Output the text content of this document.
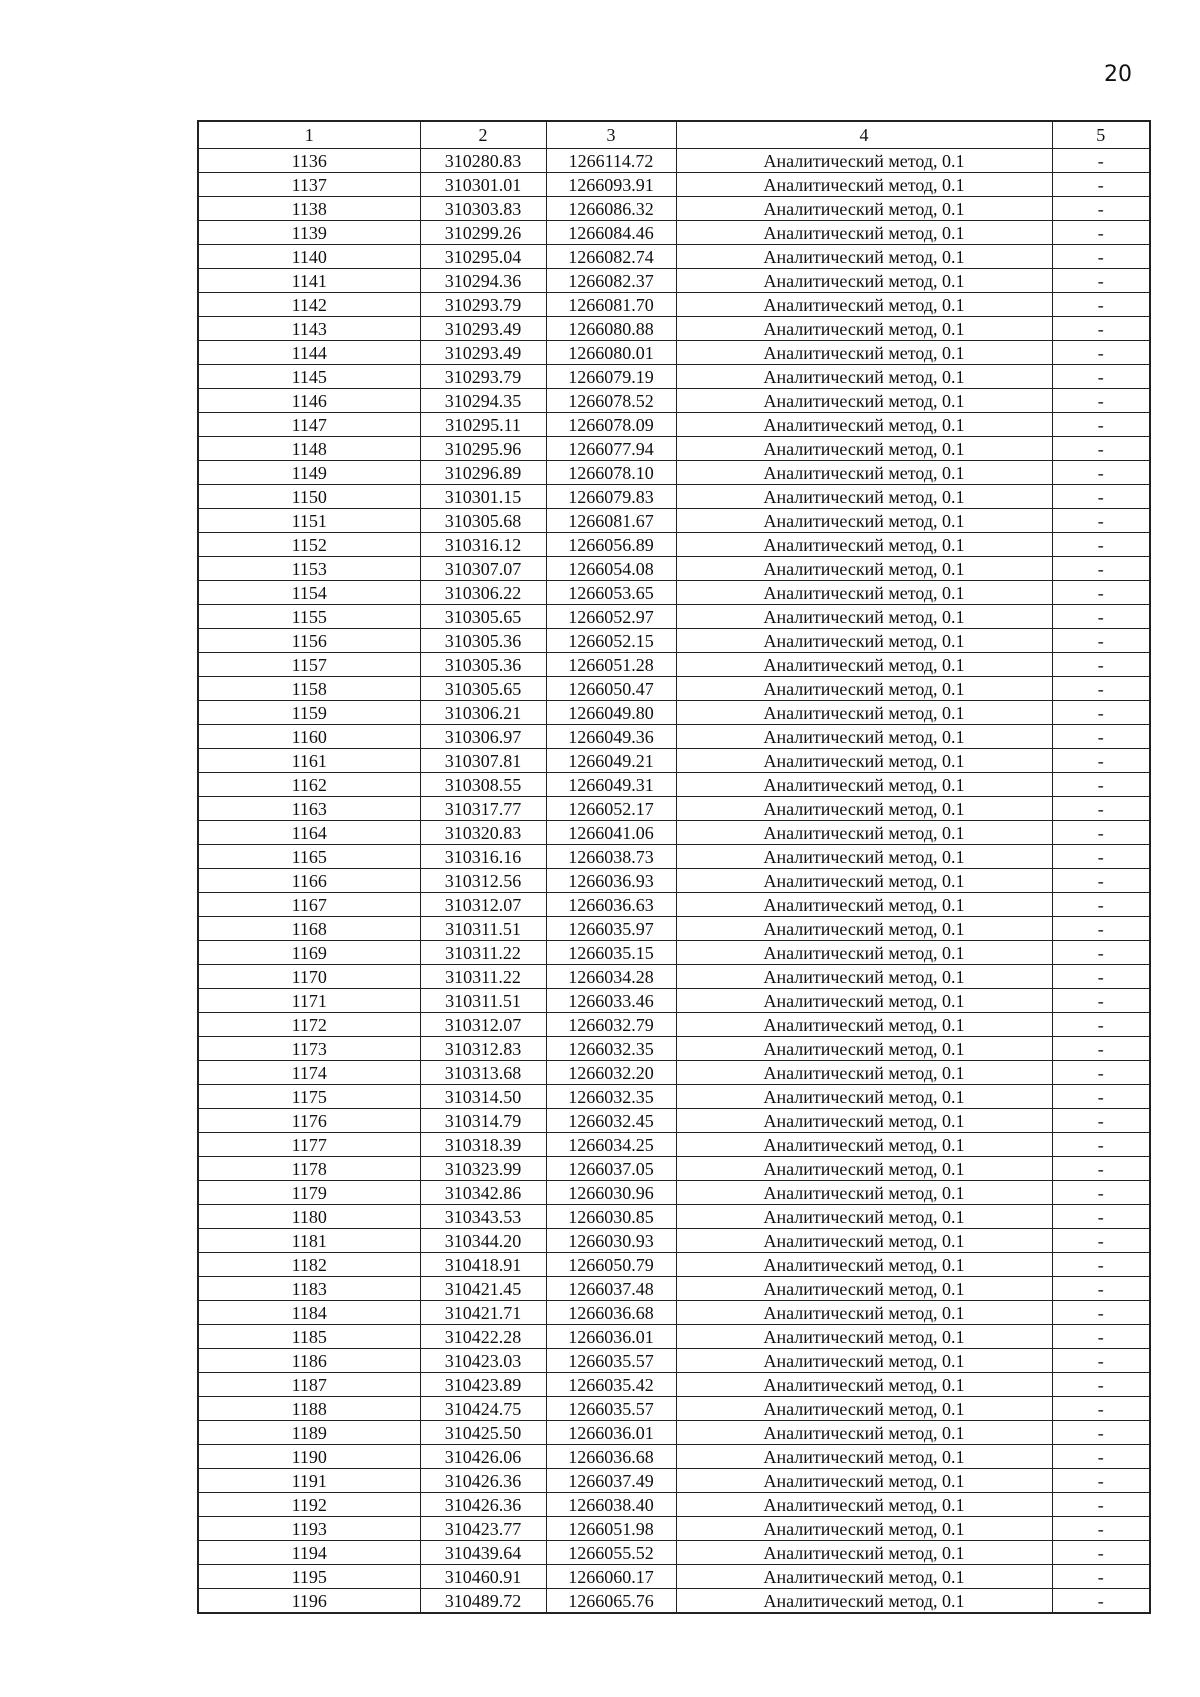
20
1	2	3	4	5
1136	310280.83	1266114.72	Аналитический метод, 0.1	-
1137	310301.01	1266093.91	Аналитический метод, 0.1	-
1138	310303.83	1266086.32	Аналитический метод, 0.1	-
1139	310299.26	1266084.46	Аналитический метод, 0.1	-
1140	310295.04	1266082.74	Аналитический метод, 0.1	-
1141	310294.36	1266082.37	Аналитический метод, 0.1	-
1142	310293.79	1266081.70	Аналитический метод, 0.1	-
1143	310293.49	1266080.88	Аналитический метод, 0.1	-
1144	310293.49	1266080.01	Аналитический метод, 0.1	-
1145	310293.79	1266079.19	Аналитический метод, 0.1	-
1146	310294.35	1266078.52	Аналитический метод, 0.1	-
1147	310295.11	1266078.09	Аналитический метод, 0.1	-
1148	310295.96	1266077.94	Аналитический метод, 0.1	-
1149	310296.89	1266078.10	Аналитический метод, 0.1	-
1150	310301.15	1266079.83	Аналитический метод, 0.1	-
1151	310305.68	1266081.67	Аналитический метод, 0.1	-
1152	310316.12	1266056.89	Аналитический метод, 0.1	-
1153	310307.07	1266054.08	Аналитический метод, 0.1	-
1154	310306.22	1266053.65	Аналитический метод, 0.1	-
1155	310305.65	1266052.97	Аналитический метод, 0.1	-
1156	310305.36	1266052.15	Аналитический метод, 0.1	-
1157	310305.36	1266051.28	Аналитический метод, 0.1	-
1158	310305.65	1266050.47	Аналитический метод, 0.1	-
1159	310306.21	1266049.80	Аналитический метод, 0.1	-
1160	310306.97	1266049.36	Аналитический метод, 0.1	-
1161	310307.81	1266049.21	Аналитический метод, 0.1	-
1162	310308.55	1266049.31	Аналитический метод, 0.1	-
1163	310317.77	1266052.17	Аналитический метод, 0.1	-
1164	310320.83	1266041.06	Аналитический метод, 0.1	-
1165	310316.16	1266038.73	Аналитический метод, 0.1	-
1166	310312.56	1266036.93	Аналитический метод, 0.1	-
1167	310312.07	1266036.63	Аналитический метод, 0.1	-
1168	310311.51	1266035.97	Аналитический метод, 0.1	-
1169	310311.22	1266035.15	Аналитический метод, 0.1	-
1170	310311.22	1266034.28	Аналитический метод, 0.1	-
1171	310311.51	1266033.46	Аналитический метод, 0.1	-
1172	310312.07	1266032.79	Аналитический метод, 0.1	-
1173	310312.83	1266032.35	Аналитический метод, 0.1	-
1174	310313.68	1266032.20	Аналитический метод, 0.1	-
1175	310314.50	1266032.35	Аналитический метод, 0.1	-
1176	310314.79	1266032.45	Аналитический метод, 0.1	-
1177	310318.39	1266034.25	Аналитический метод, 0.1	-
1178	310323.99	1266037.05	Аналитический метод, 0.1	-
1179	310342.86	1266030.96	Аналитический метод, 0.1	-
1180	310343.53	1266030.85	Аналитический метод, 0.1	-
1181	310344.20	1266030.93	Аналитический метод, 0.1	-
1182	310418.91	1266050.79	Аналитический метод, 0.1	-
1183	310421.45	1266037.48	Аналитический метод, 0.1	-
1184	310421.71	1266036.68	Аналитический метод, 0.1	-
1185	310422.28	1266036.01	Аналитический метод, 0.1	-
1186	310423.03	1266035.57	Аналитический метод, 0.1	-
1187	310423.89	1266035.42	Аналитический метод, 0.1	-
1188	310424.75	1266035.57	Аналитический метод, 0.1	-
1189	310425.50	1266036.01	Аналитический метод, 0.1	-
1190	310426.06	1266036.68	Аналитический метод, 0.1	-
1191	310426.36	1266037.49	Аналитический метод, 0.1	-
1192	310426.36	1266038.40	Аналитический метод, 0.1	-
1193	310423.77	1266051.98	Аналитический метод, 0.1	-
1194	310439.64	1266055.52	Аналитический метод, 0.1	-
1195	310460.91	1266060.17	Аналитический метод, 0.1	-
1196	310489.72	1266065.76	Аналитический метод, 0.1	-
